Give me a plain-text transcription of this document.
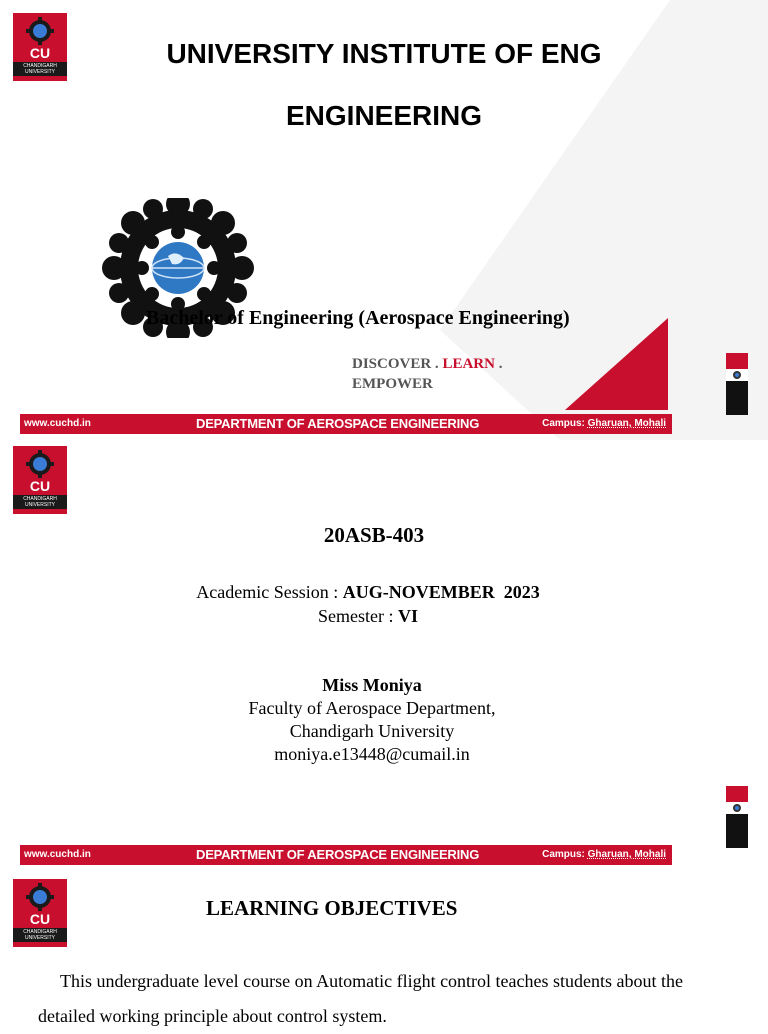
CU
CHANDIGARH UNIVERSITY
UNIVERSITY INSTITUTE OF ENG
ENGINEERING
Bachelor of Engineering (Aerospace Engineering)
DISCOVER . LEARN .
EMPOWER
www.cuchd.in	DEPARTMENT OF AEROSPACE ENGINEERING	Campus: Gharuan, Mohali
CU
CHANDIGARH UNIVERSITY
20ASB-403
Academic Session : AUG-NOVEMBER  2023
Semester : VI
Miss Moniya
Faculty of Aerospace Department,
Chandigarh University
moniya.e13448@cumail.in
www.cuchd.in	DEPARTMENT OF AEROSPACE ENGINEERING	Campus: Gharuan, Mohali
CU
CHANDIGARH UNIVERSITY
LEARNING OBJECTIVES
This undergraduate level course on Automatic flight control teaches students about the
detailed working principle about control system.
